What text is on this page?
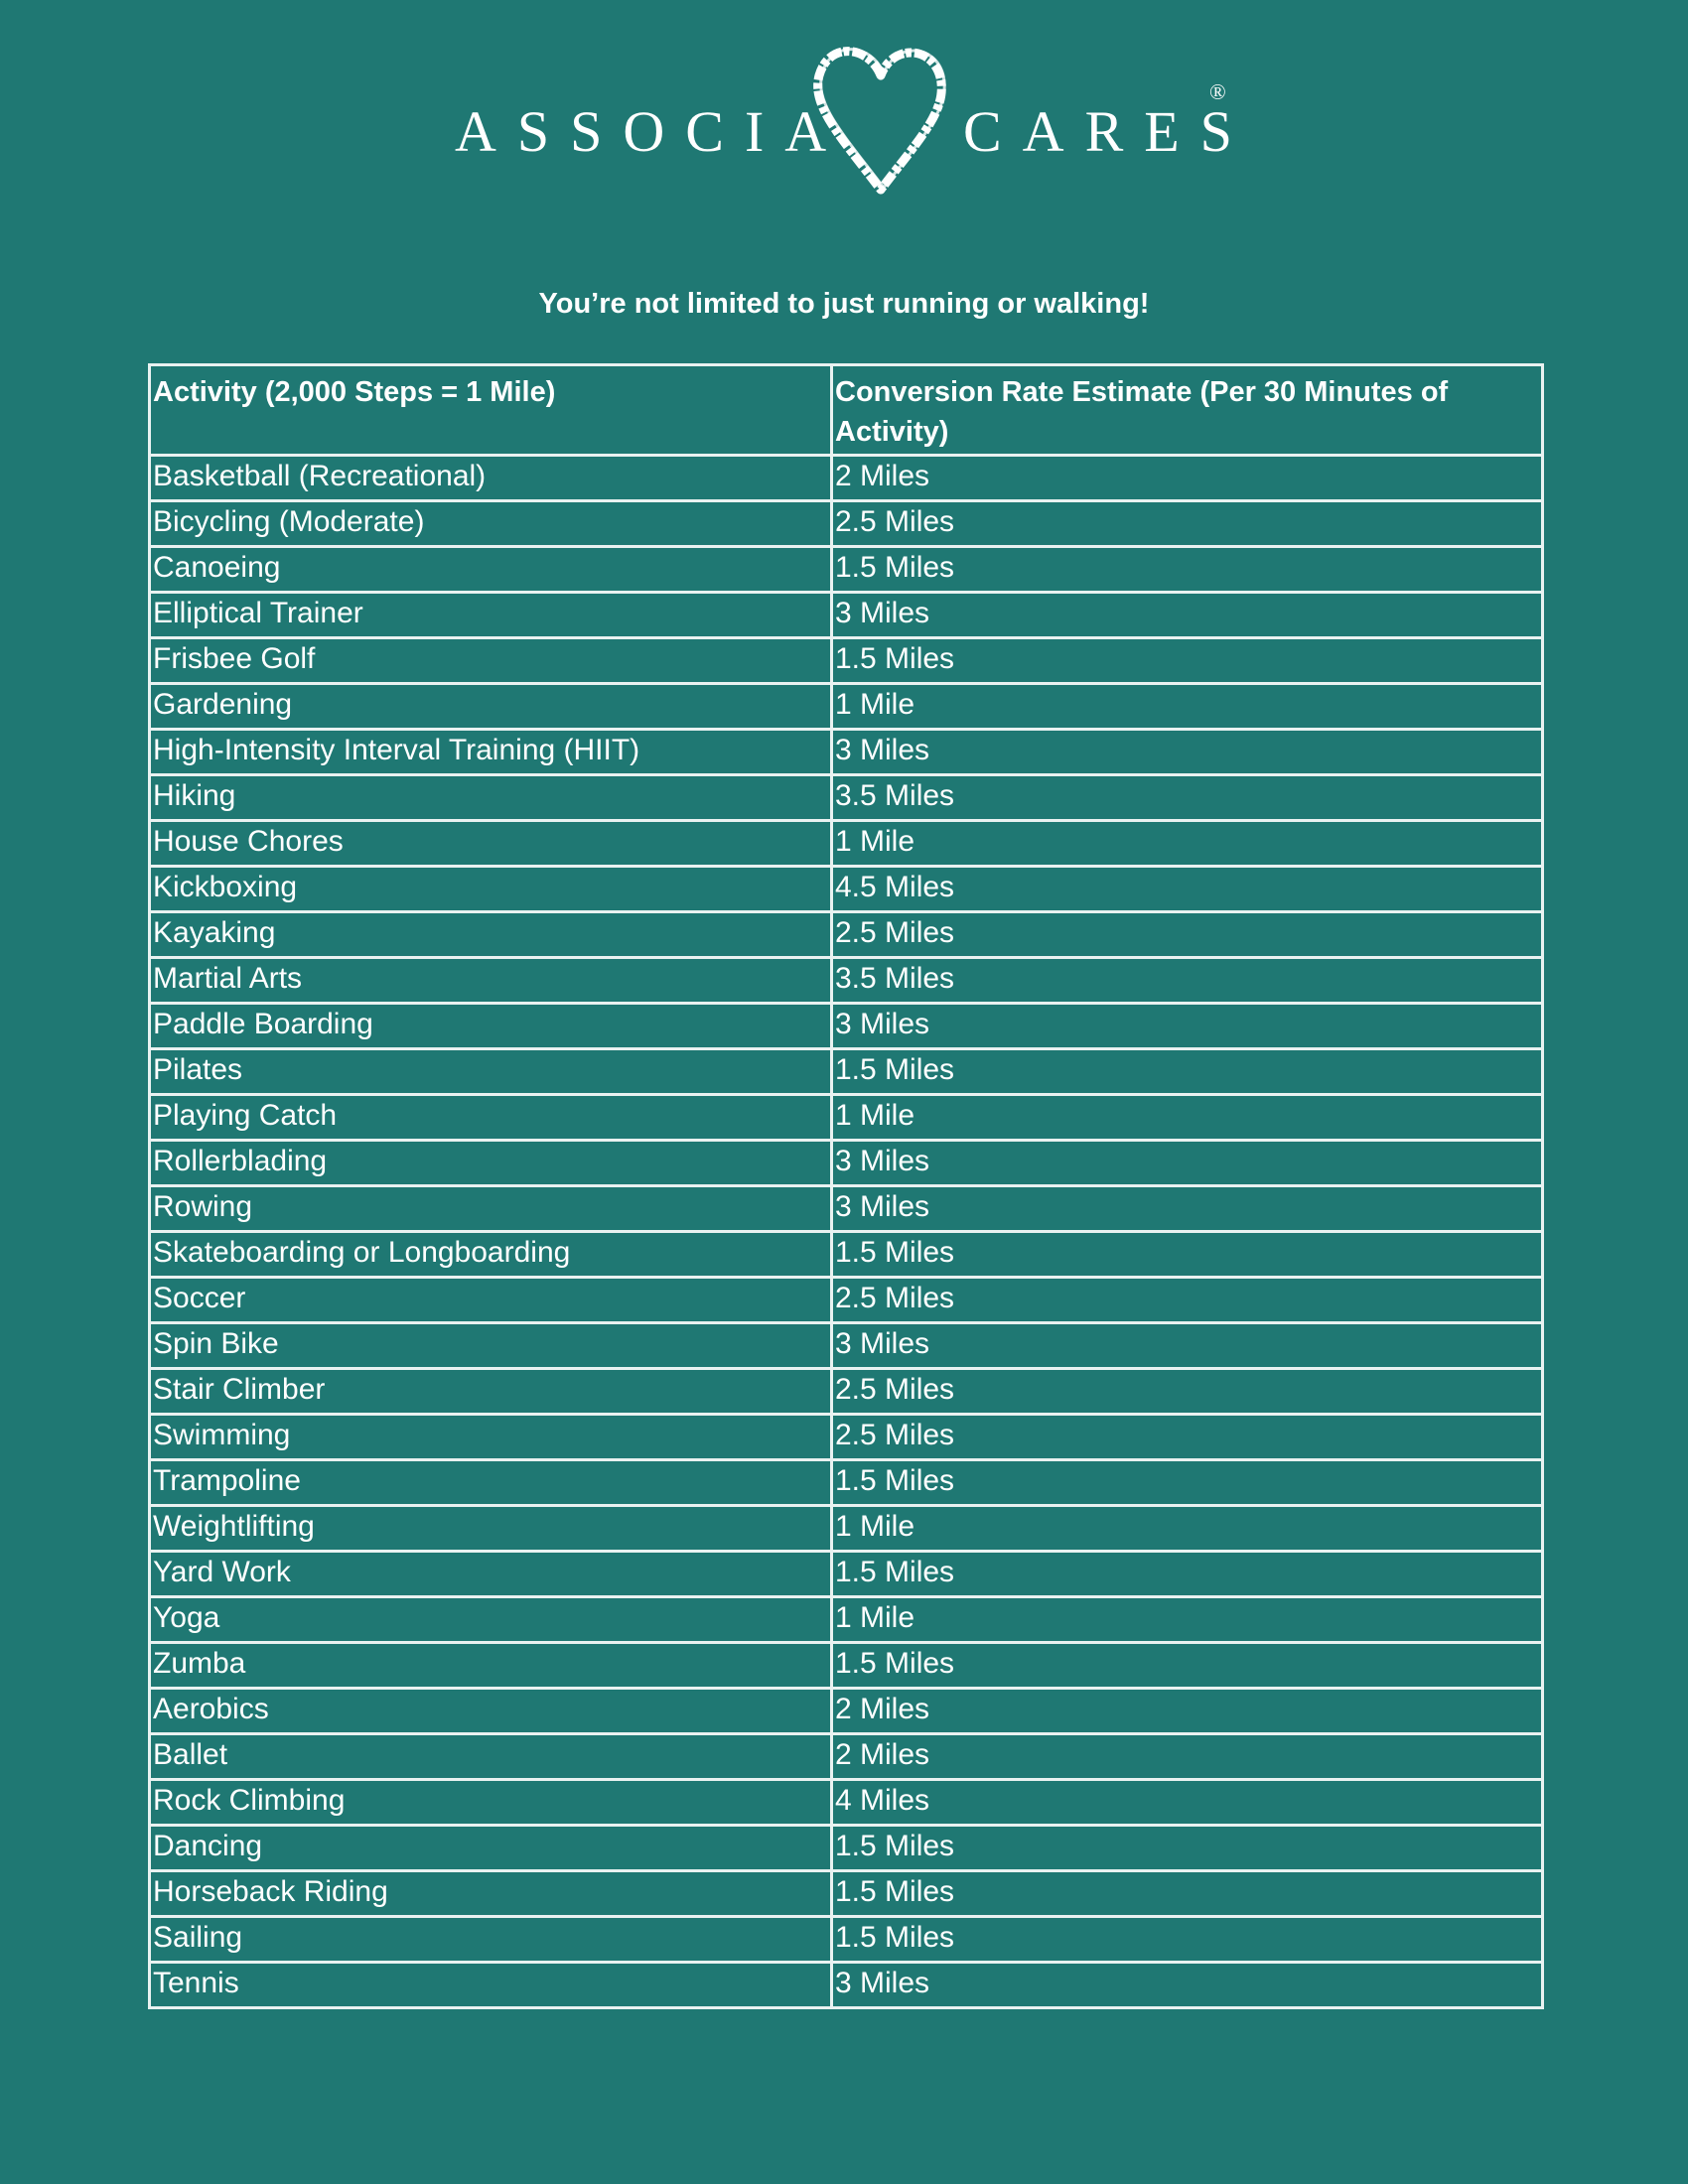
ASSOCIA CARES
®
You’re not limited to just running or walking!
Activity (2,000 Steps = 1 Mile)	Conversion Rate Estimate (Per 30 Minutes of Activity)
Basketball (Recreational)	2 Miles
Bicycling (Moderate)	2.5 Miles
Canoeing	1.5 Miles
Elliptical Trainer	3 Miles
Frisbee Golf	1.5 Miles
Gardening	1 Mile
High-Intensity Interval Training (HIIT)	3 Miles
Hiking	3.5 Miles
House Chores	1 Mile
Kickboxing	4.5 Miles
Kayaking	2.5 Miles
Martial Arts	3.5 Miles
Paddle Boarding	3 Miles
Pilates	1.5 Miles
Playing Catch	1 Mile
Rollerblading	3 Miles
Rowing	3 Miles
Skateboarding or Longboarding	1.5 Miles
Soccer	2.5 Miles
Spin Bike	3 Miles
Stair Climber	2.5 Miles
Swimming	2.5 Miles
Trampoline	1.5 Miles
Weightlifting	1 Mile
Yard Work	1.5 Miles
Yoga	1 Mile
Zumba	1.5 Miles
Aerobics	2 Miles
Ballet	2 Miles
Rock Climbing	4 Miles
Dancing	1.5 Miles
Horseback Riding	1.5 Miles
Sailing	1.5 Miles
Tennis	3 Miles
